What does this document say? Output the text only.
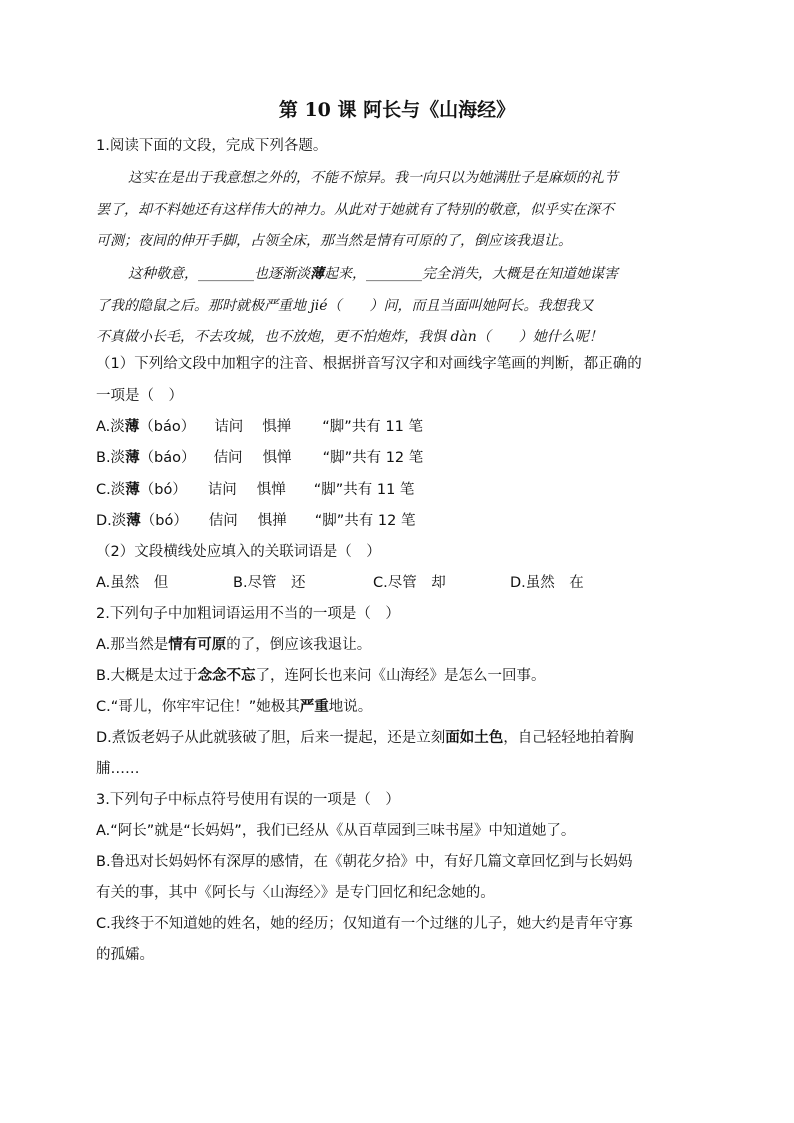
第 10 课 阿长与《山海经》
1.阅读下面的文段，完成下列各题。
这实在是出于我意想之外的，不能不惊异。我一向只以为她满肚子是麻烦的礼节
罢了，却不料她还有这样伟大的神力。从此对于她就有了特别的敬意，似乎实在深不
可测；夜间的伸开手脚，占领全床，那当然是情有可原的了，倒应该我退让。
这种敬意，________也逐渐淡薄起来，________完全消失，大概是在知道她谋害
了我的隐鼠之后。那时就极严重地 jié（　　）问，而且当面叫她阿长。我想我又
不真做小长毛，不去攻城，也不放炮，更不怕炮炸，我惧 dàn（　　）她什么呢！
（1）下列给文段中加粗字的注音、根据拼音写汉字和对画线字笔画的判断，都正确的
一项是（　）
A.淡薄（báo） 诘问 惧掸 “脚”共有 11 笔
B.淡薄（báo） 佶问 惧惮 “脚”共有 12 笔
C.淡薄（bó） 诘问 惧惮 “脚”共有 11 笔
D.淡薄（bó） 佶问 惧掸 “脚”共有 12 笔
（2）文段横线处应填入的关联词语是（　）
A.虽然　但	B.尽管　还	C.尽管　却	D.虽然　在
2.下列句子中加粗词语运用不当的一项是（　）
A.那当然是情有可原的了，倒应该我退让。
B.大概是太过于念念不忘了，连阿长也来问《山海经》是怎么一回事。
C.“哥儿，你牢牢记住！”她极其严重地说。
D.煮饭老妈子从此就骇破了胆，后来一提起，还是立刻面如土色，自己轻轻地拍着胸
脯……
3.下列句子中标点符号使用有误的一项是（　）
A.“阿长”就是“长妈妈”，我们已经从《从百草园到三味书屋》中知道她了。
B.鲁迅对长妈妈怀有深厚的感情，在《朝花夕拾》中，有好几篇文章回忆到与长妈妈
有关的事，其中《阿长与〈山海经〉》是专门回忆和纪念她的。
C.我终于不知道她的姓名，她的经历；仅知道有一个过继的儿子，她大约是青年守寡
的孤孀。
